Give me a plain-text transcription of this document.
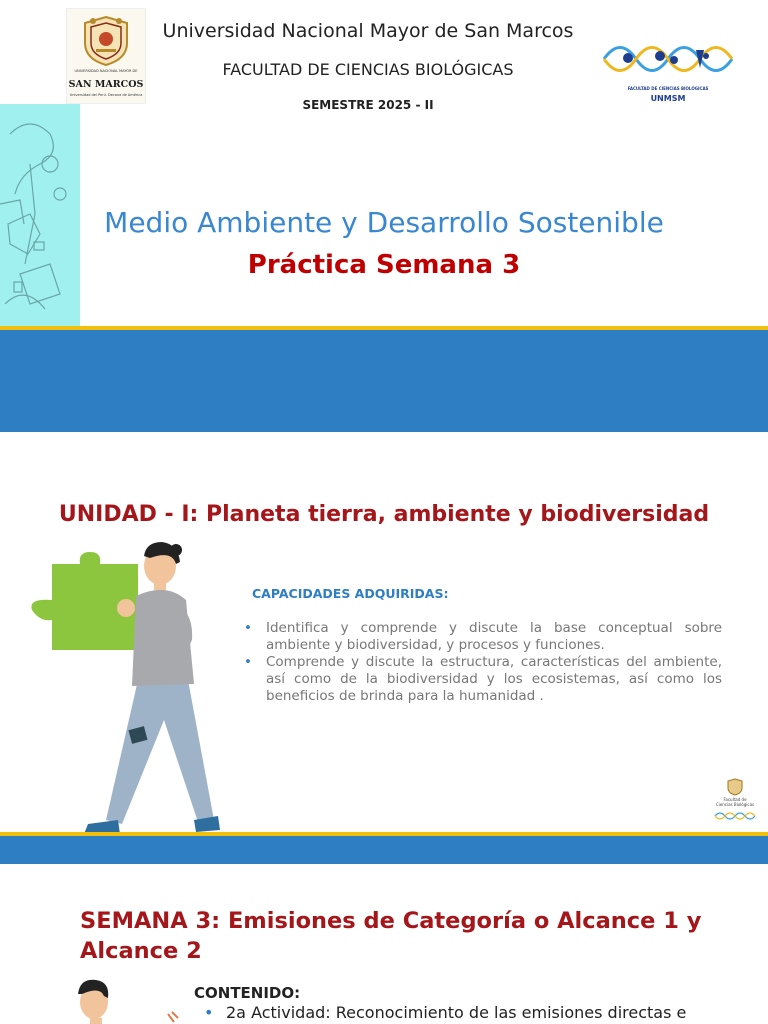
UNIVERSIDAD NACIONAL MAYOR DE
SAN MARCOS
Universidad del Perú. Decana de América
Universidad Nacional Mayor de San Marcos
FACULTAD DE CIENCIAS BIOLÓGICAS
SEMESTRE 2025 - II
FACULTAD DE CIENCIAS BIOLÓGICAS
UNMSM
Medio Ambiente y Desarrollo Sostenible
Práctica Semana 3
UNIDAD - I: Planeta tierra, ambiente y biodiversidad
CAPACIDADES ADQUIRIDAS:
• Identifica y comprende y discute la base conceptual sobre ambiente y biodiversidad, y procesos y funciones.
• Comprende y discute la estructura, características del ambiente, así como de la biodiversidad y los ecosistemas, así como los beneficios de brinda para la humanidad .
Facultad de
Ciencias Biológicas
SEMANA 3: Emisiones de Categoría o Alcance 1 y Alcance 2
CONTENIDO:
• 2a Actividad: Reconocimiento de las emisiones directas e
